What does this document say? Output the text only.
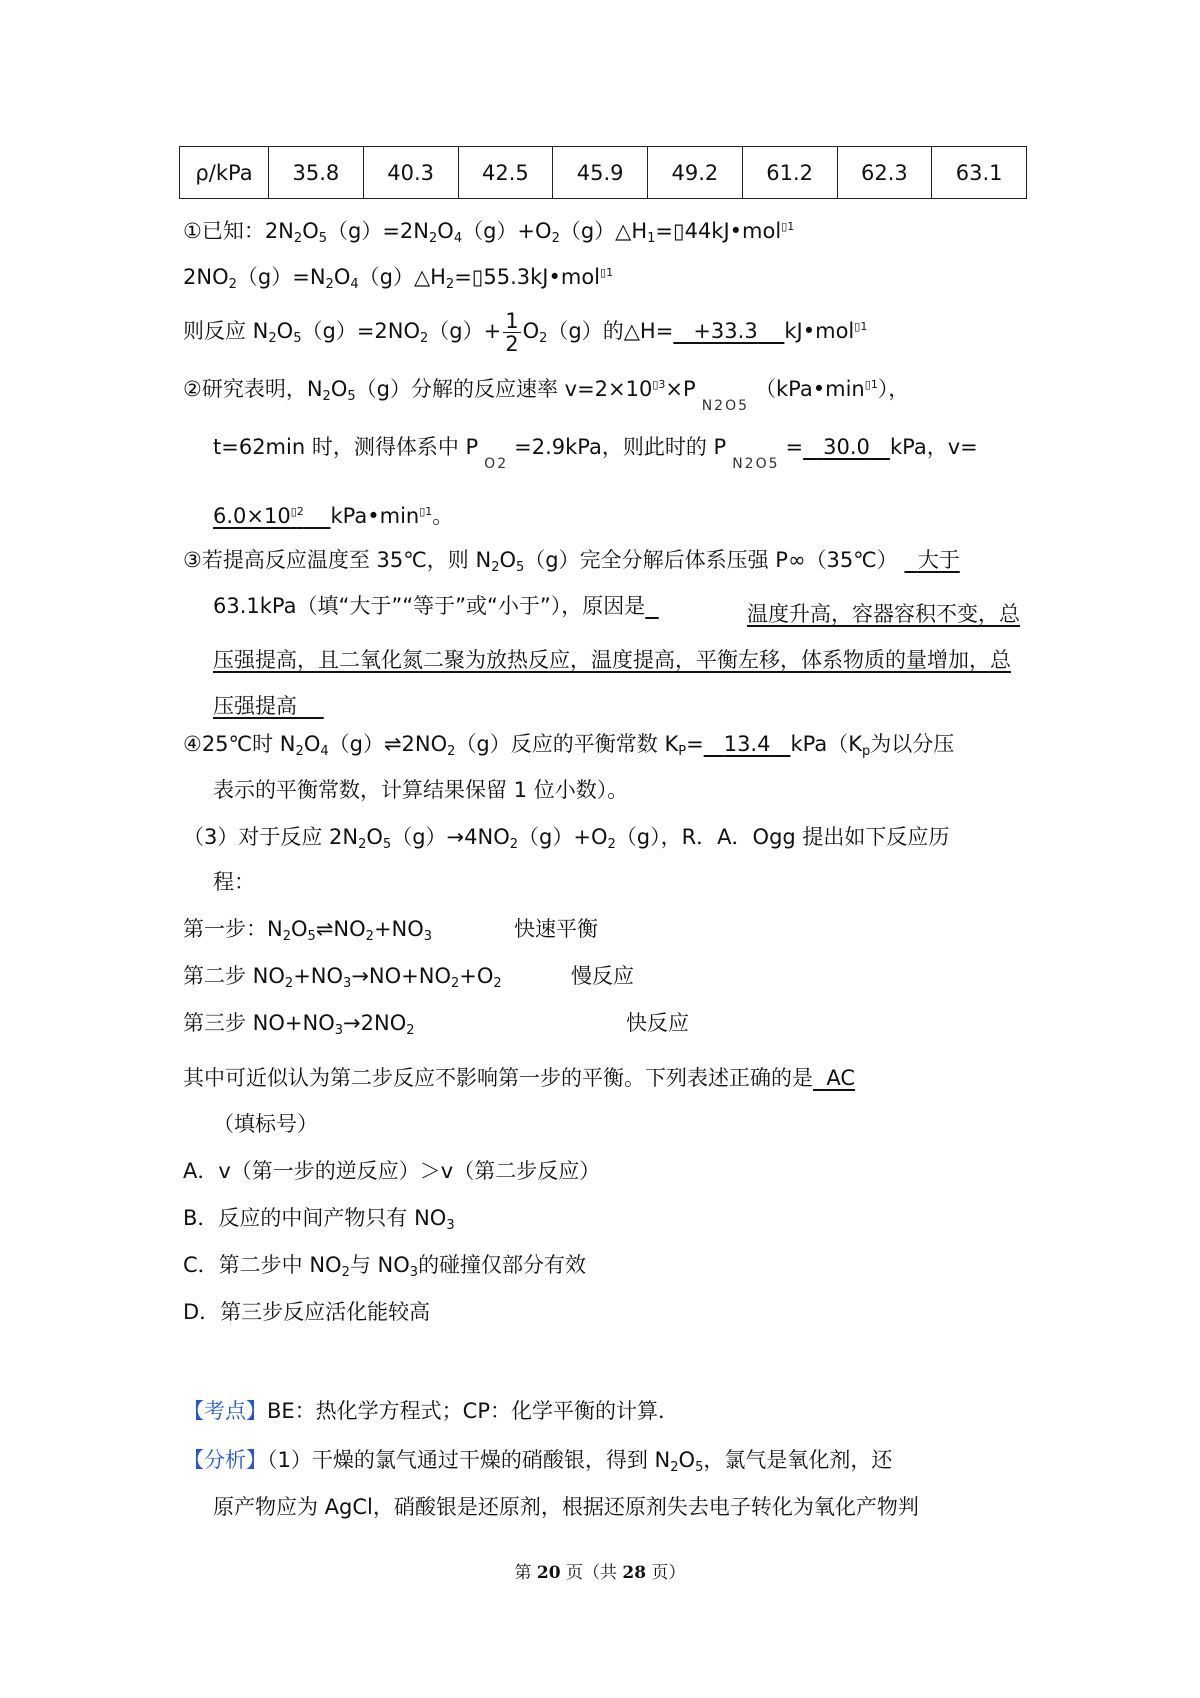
ρ/kPa	35.8	40.3	42.5	45.9	49.2	61.2	62.3	63.1
①已知：$2N_2O_5(g)=2N_2O_4(g)+O_2(g)\triangle H_1=▯44kJ•mol^{▯1}$
$2NO_2(g)=N_2O_4(g)\triangle H_2=▯55.3kJ•mol^{▯1}$
则反应 $N_2O_5(g)=2NO_2(g)+ \frac{1}{2} O_2(g)$的△H= +33.3 kJ•mol$^{▯1}$
②研究表明，$N_2O_5(g)$分解的反应速率 $v=2\times 10^{▯3}\times P_{N2O5}(kPa•\min^{▯1})$，
t=62min 时，测得体系中 $P_{O2}=2.9kPa$，则此时的 $P_{N2O5}= 30.0$ kPa，v=
$6.0\times 10^{▯2}$ $kPa•\min^{▯1}$。
③若提高反应温度至 35℃，则 $N_2O_5(g)$完全分解后体系压强 P∞（35℃） 大于
63.1kPa（填“大于”“等于”或“小于”），原因是	温度升高，容器容积不变，总压强提高，且二氧化氮二聚为放热反应，温度提高，平衡左移，体系物质的量增加，总压强提高
④25℃时 $N_2O_4(g)\rightleftharpoons 2NO_2(g)$反应的平衡常数 $K_P= 13.4$ $kPa(K_p$为以分压
表示的平衡常数，计算结果保留 1 位小数）。
（3）对于反应 $2N_2O_5(g)\to 4NO_2(g)+O_2(g)$，R．A．Ogg 提出如下反应历
程：
第一步：$N_2O_5\rightleftharpoons NO_2+NO_3$	快速平衡
第二步 $NO_2+NO_3\to NO+NO_2+O_2$	慢反应
第三步 $NO+NO_3\to 2NO_2$	快反应
其中可近似认为第二步反应不影响第一步的平衡。下列表述正确的是 AC
（填标号）
A．v（第一步的逆反应）＞v（第二步反应）
B．反应的中间产物只有 $NO_3$
C．第二步中 $NO_2$与 $NO_3$的碰撞仅部分有效
D．第三步反应活化能较高
【考点】BE：热化学方程式；CP：化学平衡的计算．
【分析】（1）干燥的氯气通过干燥的硝酸银，得到 $N_2O_5$，氯气是氧化剂，还
原产物应为 AgCl，硝酸银是还原剂，根据还原剂失去电子转化为氧化产物判
第 20 页（共 28 页）
